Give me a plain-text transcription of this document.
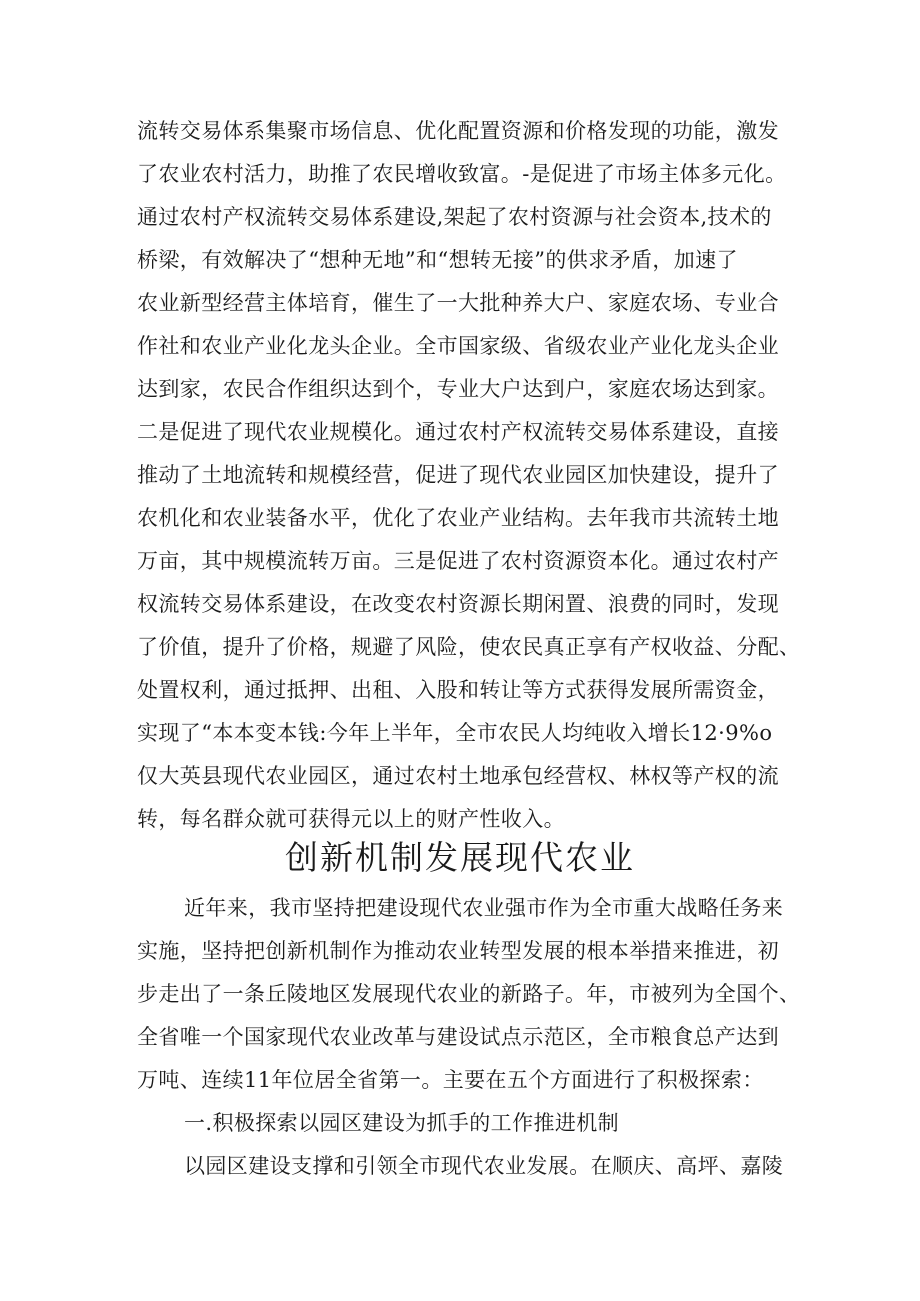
流转交易体系集聚市场信息、优化配置资源和价格发现的功能，激发
了农业农村活力，助推了农民增收致富。-是促进了市场主体多元化。
通过农村产权流转交易体系建设,架起了农村资源与社会资本,技术的
桥梁，有效解决了“想种无地”和“想转无接”的供求矛盾，加速了
农业新型经营主体培育，催生了一大批种养大户、家庭农场、专业合
作社和农业产业化龙头企业。全市国家级、省级农业产业化龙头企业
达到家，农民合作组织达到个，专业大户达到户，家庭农场达到家。
二是促进了现代农业规模化。通过农村产权流转交易体系建设，直接
推动了土地流转和规模经营，促进了现代农业园区加快建设，提升了
农机化和农业装备水平，优化了农业产业结构。去年我市共流转土地
万亩，其中规模流转万亩。三是促进了农村资源资本化。通过农村产
权流转交易体系建设，在改变农村资源长期闲置、浪费的同时，发现
了价值，提升了价格，规避了风险，使农民真正享有产权收益、分配、
处置权利，通过抵押、出租、入股和转让等方式获得发展所需资金，
实现了“本本变本钱:今年上半年，全市农民人均纯收入增长12·9%o
仅大英县现代农业园区，通过农村土地承包经营权、林权等产权的流
转，每名群众就可获得元以上的财产性收入。
创新机制发展现代农业
近年来，我市坚持把建设现代农业强市作为全市重大战略任务来
实施，坚持把创新机制作为推动农业转型发展的根本举措来推进，初
步走出了一条丘陵地区发展现代农业的新路子。年，市被列为全国个、
全省唯一个国家现代农业改革与建设试点示范区，全市粮食总产达到
万吨、连续11年位居全省第一。主要在五个方面进行了积极探索：
一.积极探索以园区建设为抓手的工作推进机制
以园区建设支撑和引领全市现代农业发展。在顺庆、高坪、嘉陵
